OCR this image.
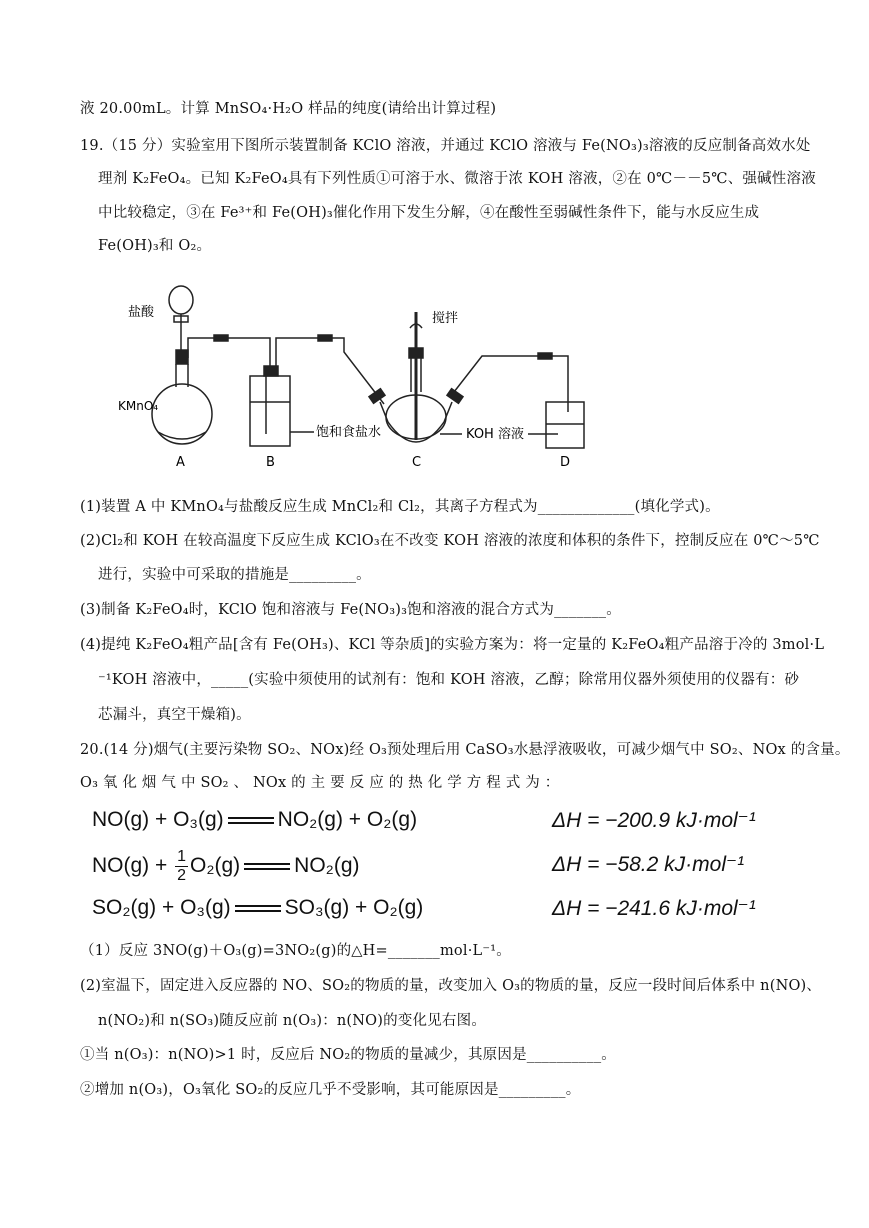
液 20.00mL。计算 MnSO₄·H₂O 样品的纯度(请给出计算过程)
19.（15 分）实验室用下图所示装置制备 KClO 溶液，并通过 KClO 溶液与 Fe(NO₃)₃溶液的反应制备高效水处
理剂 K₂FeO₄。已知 K₂FeO₄具有下列性质①可溶于水、微溶于浓 KOH 溶液，②在 0℃－－5℃、强碱性溶液
中比较稳定，③在 Fe³⁺和 Fe(OH)₃催化作用下发生分解，④在酸性至弱碱性条件下，能与水反应生成
Fe(OH)₃和 O₂。
盐酸
KMnO₄
饱和食盐水
搅拌
KOH 溶液
A	B	C	D
(1)装置 A 中 KMnO₄与盐酸反应生成 MnCl₂和 Cl₂，其离子方程式为_____________(填化学式)。
(2)Cl₂和 KOH 在较高温度下反应生成 KClO₃在不改变 KOH 溶液的浓度和体积的条件下，控制反应在 0℃～5℃
进行，实验中可采取的措施是_________。
(3)制备 K₂FeO₄时，KClO 饱和溶液与 Fe(NO₃)₃饱和溶液的混合方式为_______。
(4)提纯 K₂FeO₄粗产品[含有 Fe(OH₃)、KCl 等杂质]的实验方案为：将一定量的 K₂FeO₄粗产品溶于冷的 3mol·L
⁻¹KOH 溶液中，_____(实验中须使用的试剂有：饱和 KOH 溶液，乙醇；除常用仪器外须使用的仪器有：砂
芯漏斗，真空干燥箱)。
20.(14 分)烟气(主要污染物 SO₂、NOx)经 O₃预处理后用 CaSO₃水悬浮液吸收，可减少烟气中 SO₂、NOx 的含量。
O₃ 氧 化 烟 气 中 SO₂ 、 NOx 的 主 要 反 应 的 热 化 学 方 程 式 为 ：
NO(g) + O₃(g)	NO₂(g) + O₂(g)	ΔH = −200.9 kJ·mol⁻¹
$NO(g) + \frac{1}{2} O_2(g)$	NO₂(g)	ΔH = −58.2 kJ·mol⁻¹
SO₂(g) + O₃(g)	SO₃(g) + O₂(g)	ΔH = −241.6 kJ·mol⁻¹
（1）反应 3NO(g)＋O₃(g)=3NO₂(g)的△H=_______mol·L⁻¹。
(2)室温下，固定进入反应器的 NO、SO₂的物质的量，改变加入 O₃的物质的量，反应一段时间后体系中 n(NO)、
n(NO₂)和 n(SO₃)随反应前 n(O₃)：n(NO)的变化见右图。
①当 n(O₃)：n(NO)>1 时，反应后 NO₂的物质的量减少，其原因是__________。
②增加 n(O₃)，O₃氧化 SO₂的反应几乎不受影响，其可能原因是_________。
